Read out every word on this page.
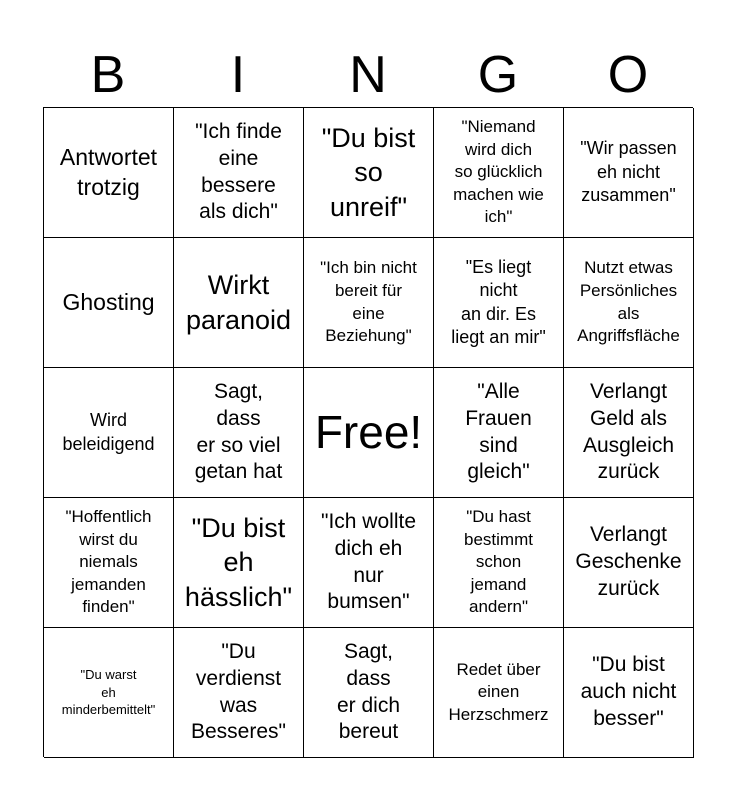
B	I	N	G	O
Antwortet
trotzig
"Ich finde
eine
bessere
als dich"
"Du bist
so
unreif"
"Niemand
wird dich
so glücklich
machen wie
ich"
"Wir passen
eh nicht
zusammen"
Ghosting
Wirkt
paranoid
"Ich bin nicht
bereit für
eine
Beziehung"
"Es liegt
nicht
an dir. Es
liegt an mir"
Nutzt etwas
Persönliches
als
Angriffsfläche
Wird
beleidigend
Sagt,
dass
er so viel
getan hat
Free!
"Alle
Frauen
sind
gleich"
Verlangt
Geld als
Ausgleich
zurück
"Hoffentlich
wirst du
niemals
jemanden
finden"
"Du bist
eh
hässlich"
"Ich wollte
dich eh
nur
bumsen"
"Du hast
bestimmt
schon
jemand
andern"
Verlangt
Geschenke
zurück
"Du warst
eh
minderbemittelt"
"Du
verdienst
was
Besseres"
Sagt,
dass
er dich
bereut
Redet über
einen
Herzschmerz
"Du bist
auch nicht
besser"
